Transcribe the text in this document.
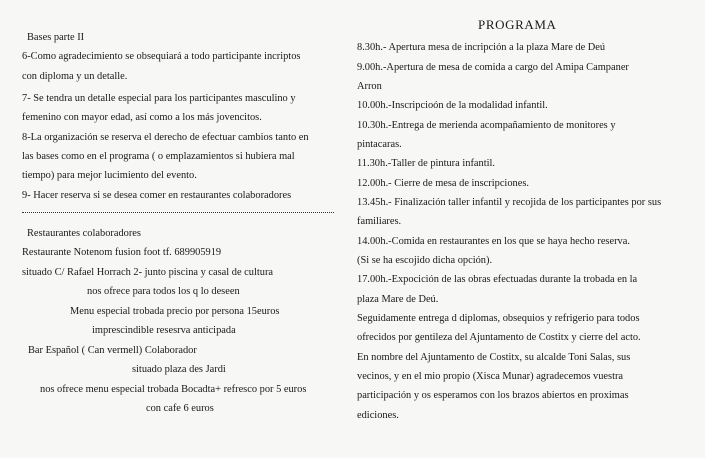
Bases parte II
6-Como agradecimiento se obsequiará a todo participante incriptos
con diploma y un detalle.
7- Se tendra un detalle especial para los participantes masculino y
femenino con mayor edad, así como a los más jovencitos.
8-La organización se reserva el derecho de efectuar cambios tanto en
las bases como en el programa ( o emplazamientos si hubiera mal
tiempo) para mejor lucimiento del evento.
9- Hacer reserva si se desea comer en restaurantes colaboradores
Restaurantes colaboradores
Restaurante Notenom fusion foot tf. 689905919
situado C/ Rafael Horrach 2- junto piscina y casal de cultura
nos ofrece para todos los q lo deseen
Menu especial trobada precio por persona 15euros
imprescindible resesrva anticipada
Bar Español ( Can vermell) Colaborador
situado plaza des Jardi
nos ofrece menu especial trobada Bocadta+ refresco por 5 euros
con cafe 6 euros
PROGRAMA
8.30h.- Apertura mesa de incripción a la plaza Mare de Deú
9.00h.-Apertura de mesa de comida a cargo del Amipa Campaner
Arron
10.00h.-Inscripcioón de la modalidad infantil.
10.30h.-Entrega de merienda acompañamiento de monitores y
pintacaras.
11.30h.-Taller de pintura infantil.
12.00h.- Cierre de mesa de inscripciones.
13.45h.- Finalización taller infantil y recojida de los participantes por sus
familiares.
14.00h.-Comida en restaurantes en los que se haya hecho reserva.
(Si se ha escojido dicha opción).
17.00h.-Expocición de las obras efectuadas durante la trobada en la
plaza Mare de Deú.
Seguidamente entrega d diplomas, obsequios y refrigerio para todos
ofrecidos por gentileza del Ajuntamento de Costitx y cierre del acto.
En nombre del Ajuntamento de Costitx, su alcalde Toni Salas, sus
vecinos, y en el mio propio (Xisca Munar) agradecemos vuestra
participación y os esperamos con los brazos abiertos en proximas
ediciones.
